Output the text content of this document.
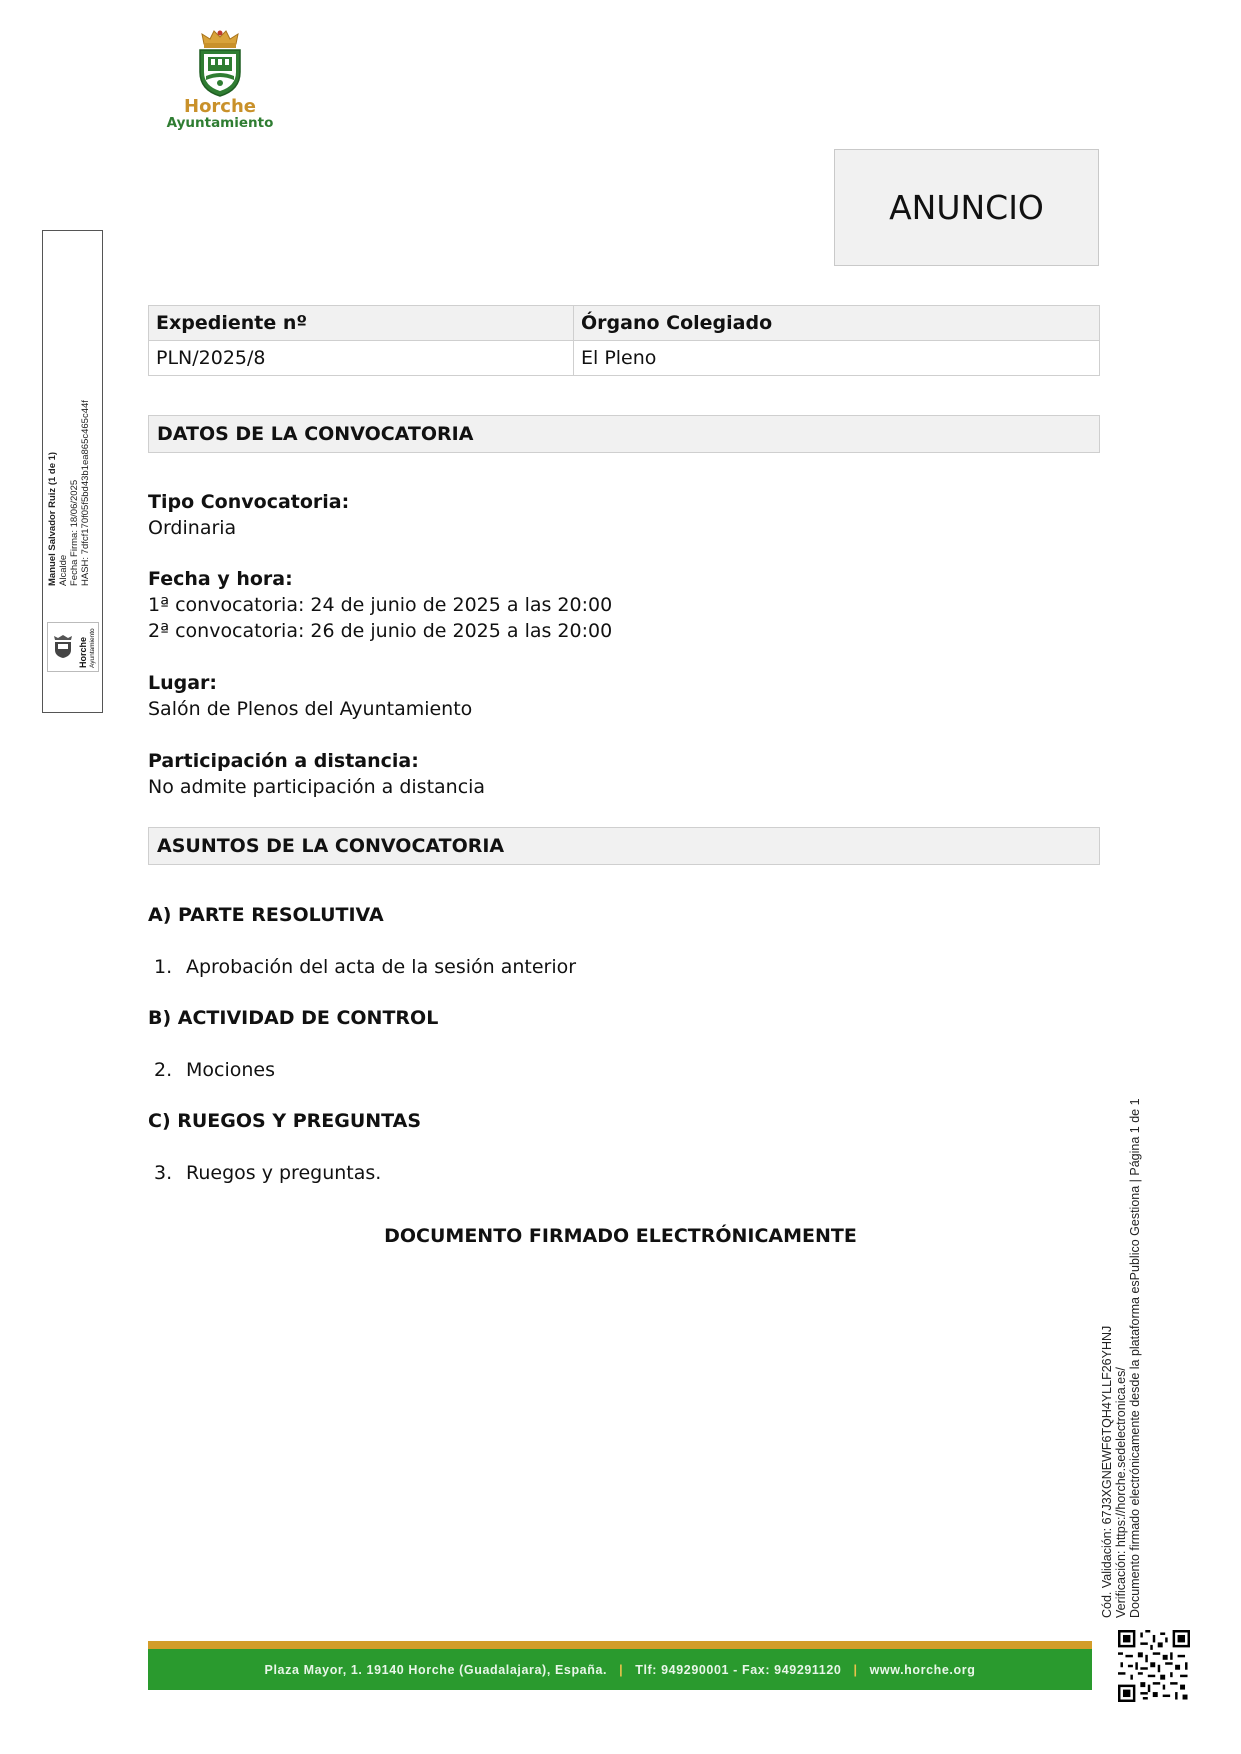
Horche
Ayuntamiento
ANUNCIO
Expediente nº	Órgano Colegiado
PLN/2025/8	El Pleno
DATOS DE LA CONVOCATORIA
Tipo Convocatoria:
Ordinaria
Fecha y hora:
1ª convocatoria: 24 de junio de 2025 a las 20:00
2ª convocatoria: 26 de junio de 2025 a las 20:00
Lugar:
Salón de Plenos del Ayuntamiento
Participación a distancia:
No admite participación a distancia
ASUNTOS DE LA CONVOCATORIA
A) PARTE RESOLUTIVA
1. Aprobación del acta de la sesión anterior
B) ACTIVIDAD DE CONTROL
2. Mociones
C) RUEGOS Y PREGUNTAS
3. Ruegos y preguntas.
DOCUMENTO FIRMADO ELECTRÓNICAMENTE
Manuel Salvador Ruiz (1 de 1) Alcalde Fecha Firma: 18/06/2025 HASH: 7dfcf170f05f5bd43b1ea865c465c44f
Horche Ayuntamiento
Cód. Validación: 67J3XGNEWF6TQH4YLLF26YHNJ Verificación: https://horche.sedelectronica.es/ Documento firmado electrónicamente desde la plataforma esPublico Gestiona | Página 1 de 1
Plaza Mayor, 1. 19140 Horche (Guadalajara), España. | Tlf: 949290001 - Fax: 949291120 | www.horche.org
